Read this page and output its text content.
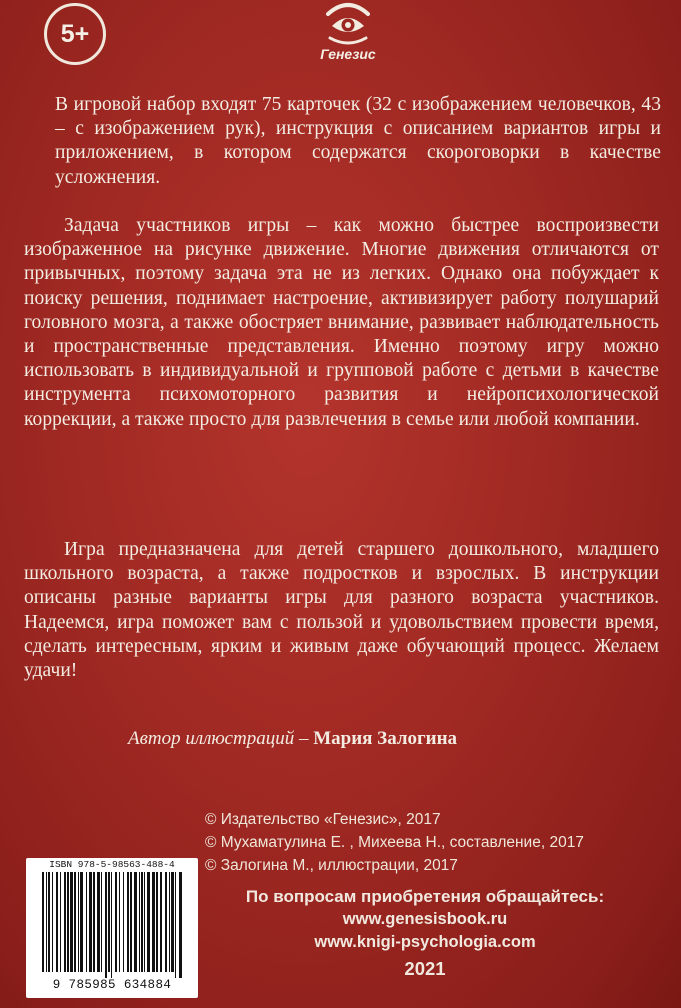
5+
Генезис

В игровой набор входят 75 карточек (32 с изображением человечков, 43 – с изображением рук), инструкция с описанием вариантов игры и приложением, в котором содержатся скороговорки в качестве усложнения.

Задача участников игры – как можно быстрее воспроизвести изображенное на рисунке движение. Многие движения отличаются от привычных, поэтому задача эта не из легких. Однако она побуждает к поиску решения, поднимает настроение, активизирует работу полушарий головного мозга, а также обостряет внимание, развивает наблюдательность и пространственные представления. Именно поэтому игру можно использовать в индивидуальной и групповой работе с детьми в качестве инструмента психомоторного развития и нейропсихологической коррекции, а также просто для развлечения в семье или любой компании.

Игра предназначена для детей старшего дошкольного, младшего школьного возраста, а также подростков и взрослых. В инструкции описаны разные варианты игры для разного возраста участников. Надеемся, игра поможет вам с пользой и удовольствием провести время, сделать интересным, ярким и живым даже обучающий процесс. Желаем удачи!

Автор иллюстраций – Мария Залогина
© Издательство «Генезис», 2017
© Мухаматулина Е. , Михеева Н., составление, 2017
© Залогина М., иллюстрации, 2017
ISBN 978-5-98563-488-4
9 785985 634884
По вопросам приобретения обращайтесь:
www.genesisbook.ru
www.knigi-psychologia.com
2021
